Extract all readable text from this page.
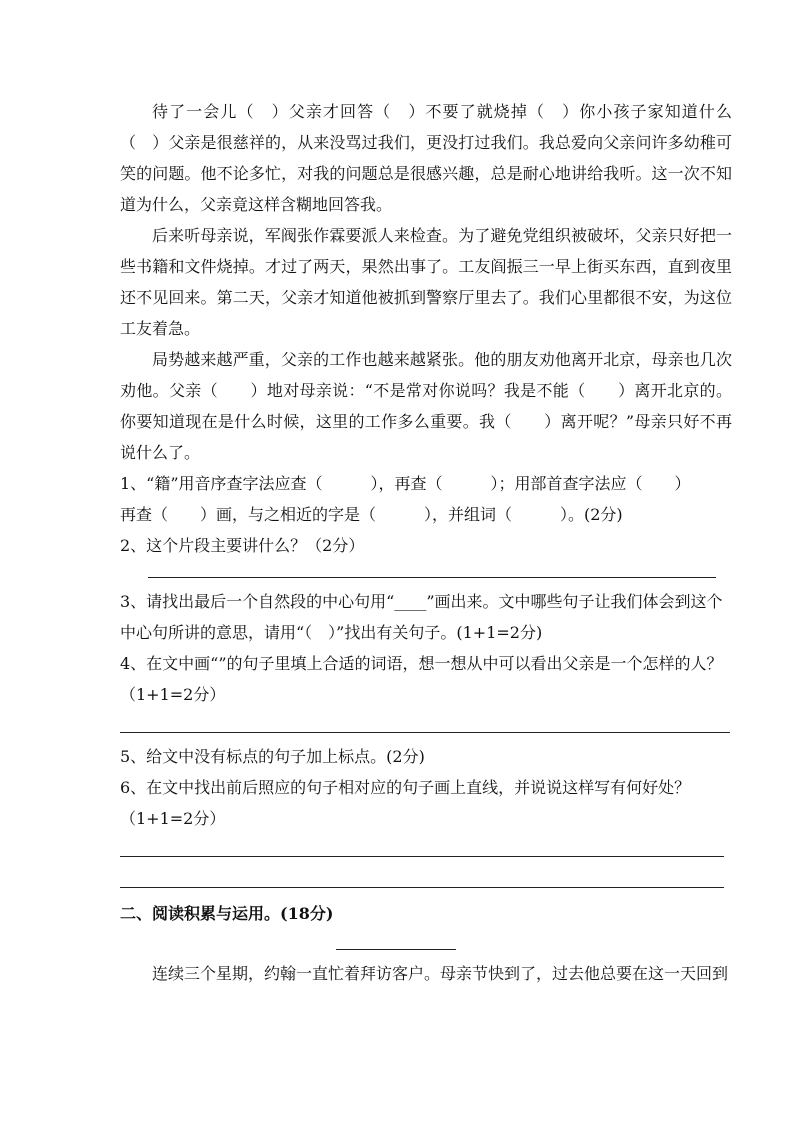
待了一会儿（　）父亲才回答（　）不要了就烧掉（　）你小孩子家知道什么（　）父亲是很慈祥的，从来没骂过我们，更没打过我们。我总爱向父亲问许多幼稚可笑的问题。他不论多忙，对我的问题总是很感兴趣，总是耐心地讲给我听。这一次不知道为什么，父亲竟这样含糊地回答我。

后来听母亲说，军阀张作霖要派人来检查。为了避免党组织被破坏，父亲只好把一些书籍和文件烧掉。才过了两天，果然出事了。工友阎振三一早上街买东西，直到夜里还不见回来。第二天，父亲才知道他被抓到警察厅里去了。我们心里都很不安，为这位工友着急。

局势越来越严重，父亲的工作也越来越紧张。他的朋友劝他离开北京，母亲也几次劝他。父亲（　　）地对母亲说：“不是常对你说吗？我是不能（　　）离开北京的。你要知道现在是什么时候，这里的工作多么重要。我（　　）离开呢？”母亲只好不再说什么了。

1、“籍”用音序查字法应查（　　　），再查（　　　）；用部首查字法应（　　）

再查（　　）画，与之相近的字是（　　　），并组词（　　　）。(2分)

2、这个片段主要讲什么？（2分）

3、请找出最后一个自然段的中心句用“____”画出来。文中哪些句子让我们体会到这个中心句所讲的意思，请用“（　）”找出有关句子。(1+1=2分)

4、在文中画“”的句子里填上合适的词语，想一想从中可以看出父亲是一个怎样的人？（1+1=2分）

5、给文中没有标点的句子加上标点。(2分)

6、在文中找出前后照应的句子相对应的句子画上直线，并说说这样写有何好处？（1+1=2分）

二、阅读积累与运用。(18分)

连续三个星期，约翰一直忙着拜访客户。母亲节快到了，过去他总要在这一天回到
